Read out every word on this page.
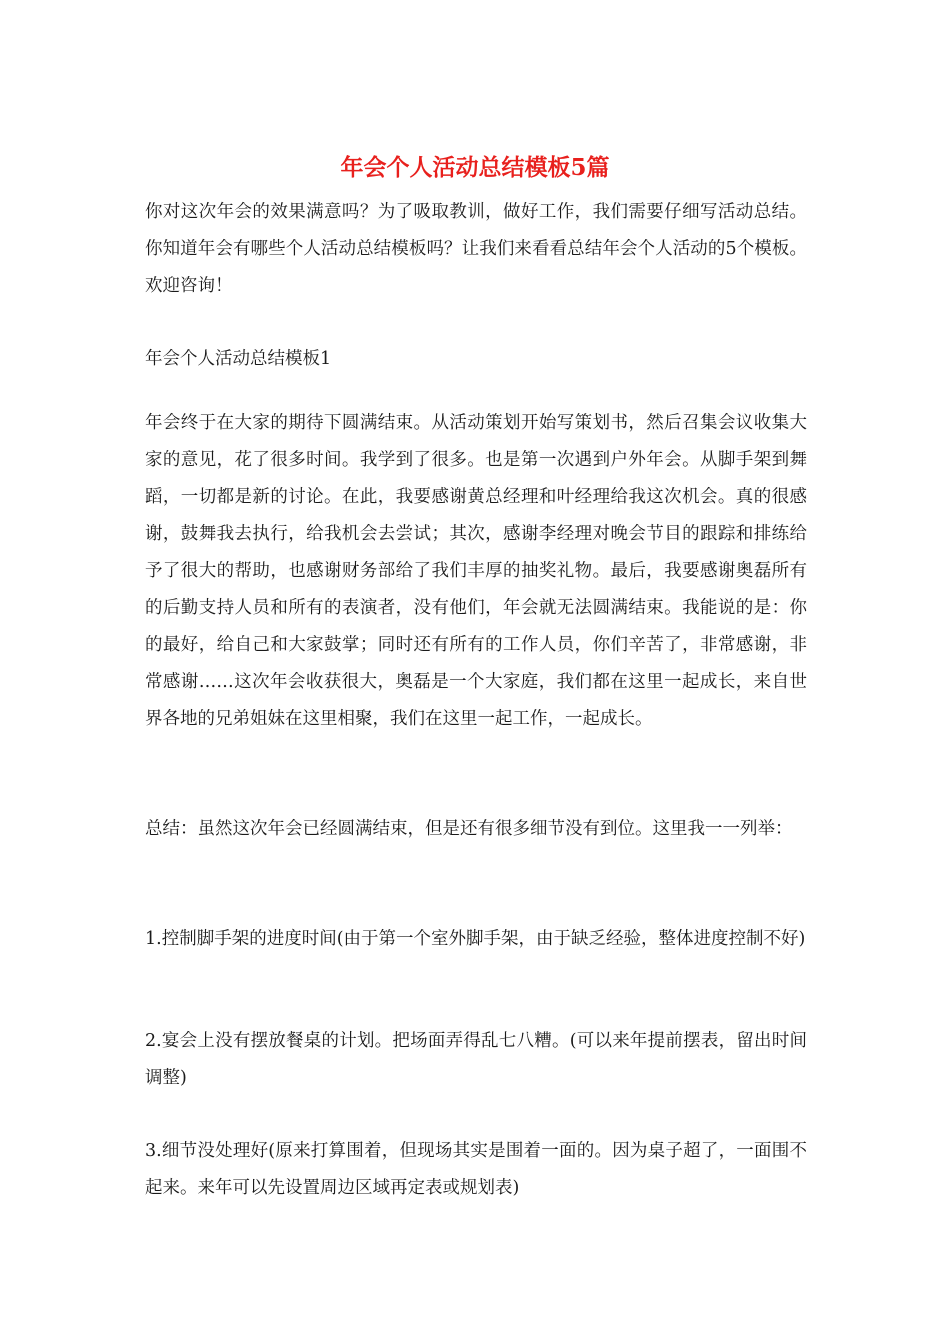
年会个人活动总结模板5篇

你对这次年会的效果满意吗？为了吸取教训，做好工作，我们需要仔细写活动总结。你知道年会有哪些个人活动总结模板吗？让我们来看看总结年会个人活动的5个模板。欢迎咨询！

年会个人活动总结模板1

年会终于在大家的期待下圆满结束。从活动策划开始写策划书，然后召集会议收集大家的意见，花了很多时间。我学到了很多。也是第一次遇到户外年会。从脚手架到舞蹈，一切都是新的讨论。在此，我要感谢黄总经理和叶经理给我这次机会。真的很感谢，鼓舞我去执行，给我机会去尝试；其次，感谢李经理对晚会节目的跟踪和排练给予了很大的帮助，也感谢财务部给了我们丰厚的抽奖礼物。最后，我要感谢奥磊所有的后勤支持人员和所有的表演者，没有他们，年会就无法圆满结束。我能说的是：你的最好，给自己和大家鼓掌；同时还有所有的工作人员，你们辛苦了，非常感谢，非常感谢……这次年会收获很大，奥磊是一个大家庭，我们都在这里一起成长，来自世界各地的兄弟姐妹在这里相聚，我们在这里一起工作，一起成长。

总结：虽然这次年会已经圆满结束，但是还有很多细节没有到位。这里我一一列举：

1.控制脚手架的进度时间(由于第一个室外脚手架，由于缺乏经验，整体进度控制不好)

2.宴会上没有摆放餐桌的计划。把场面弄得乱七八糟。(可以来年提前摆表，留出时间调整)

3.细节没处理好(原来打算围着，但现场其实是围着一面的。因为桌子超了，一面围不起来。来年可以先设置周边区域再定表或规划表)
